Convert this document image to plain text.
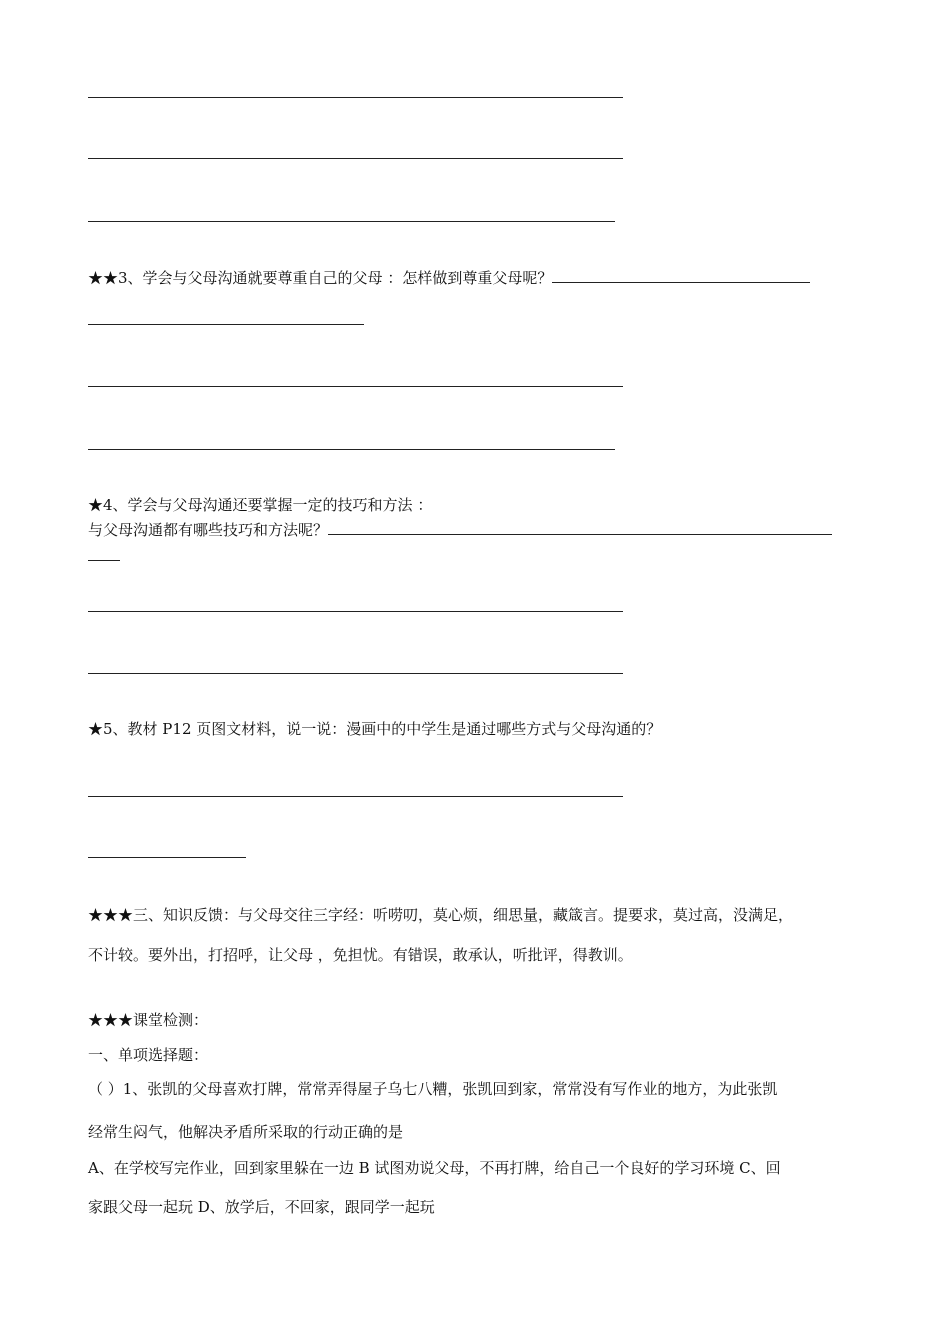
★★3、学会与父母沟通就要尊重自己的父母 ：怎样做到尊重父母呢？
★4、学会与父母沟通还要掌握一定的技巧和方法 ：
与父母沟通都有哪些技巧和方法呢？
★5、教材 P12 页图文材料，说一说：漫画中的中学生是通过哪些方式与父母沟通的？
★★★三、知识反馈：与父母交往三字经：听唠叨，莫心烦，细思量，藏箴言。提要求，莫过高，没满足，
不计较。要外出，打招呼，让父母 ，免担忧。有错误，敢承认，听批评，得教训。
★★★课堂检测：
一、单项选择题：
（ ）1、张凯的父母喜欢打牌，常常弄得屋子乌七八糟，张凯回到家，常常没有写作业的地方，为此张凯
经常生闷气，他解决矛盾所采取的行动正确的是
A、在学校写完作业，回到家里躲在一边 B 试图劝说父母，不再打牌，给自己一个良好的学习环境 C、回
家跟父母一起玩 D、放学后，不回家，跟同学一起玩
